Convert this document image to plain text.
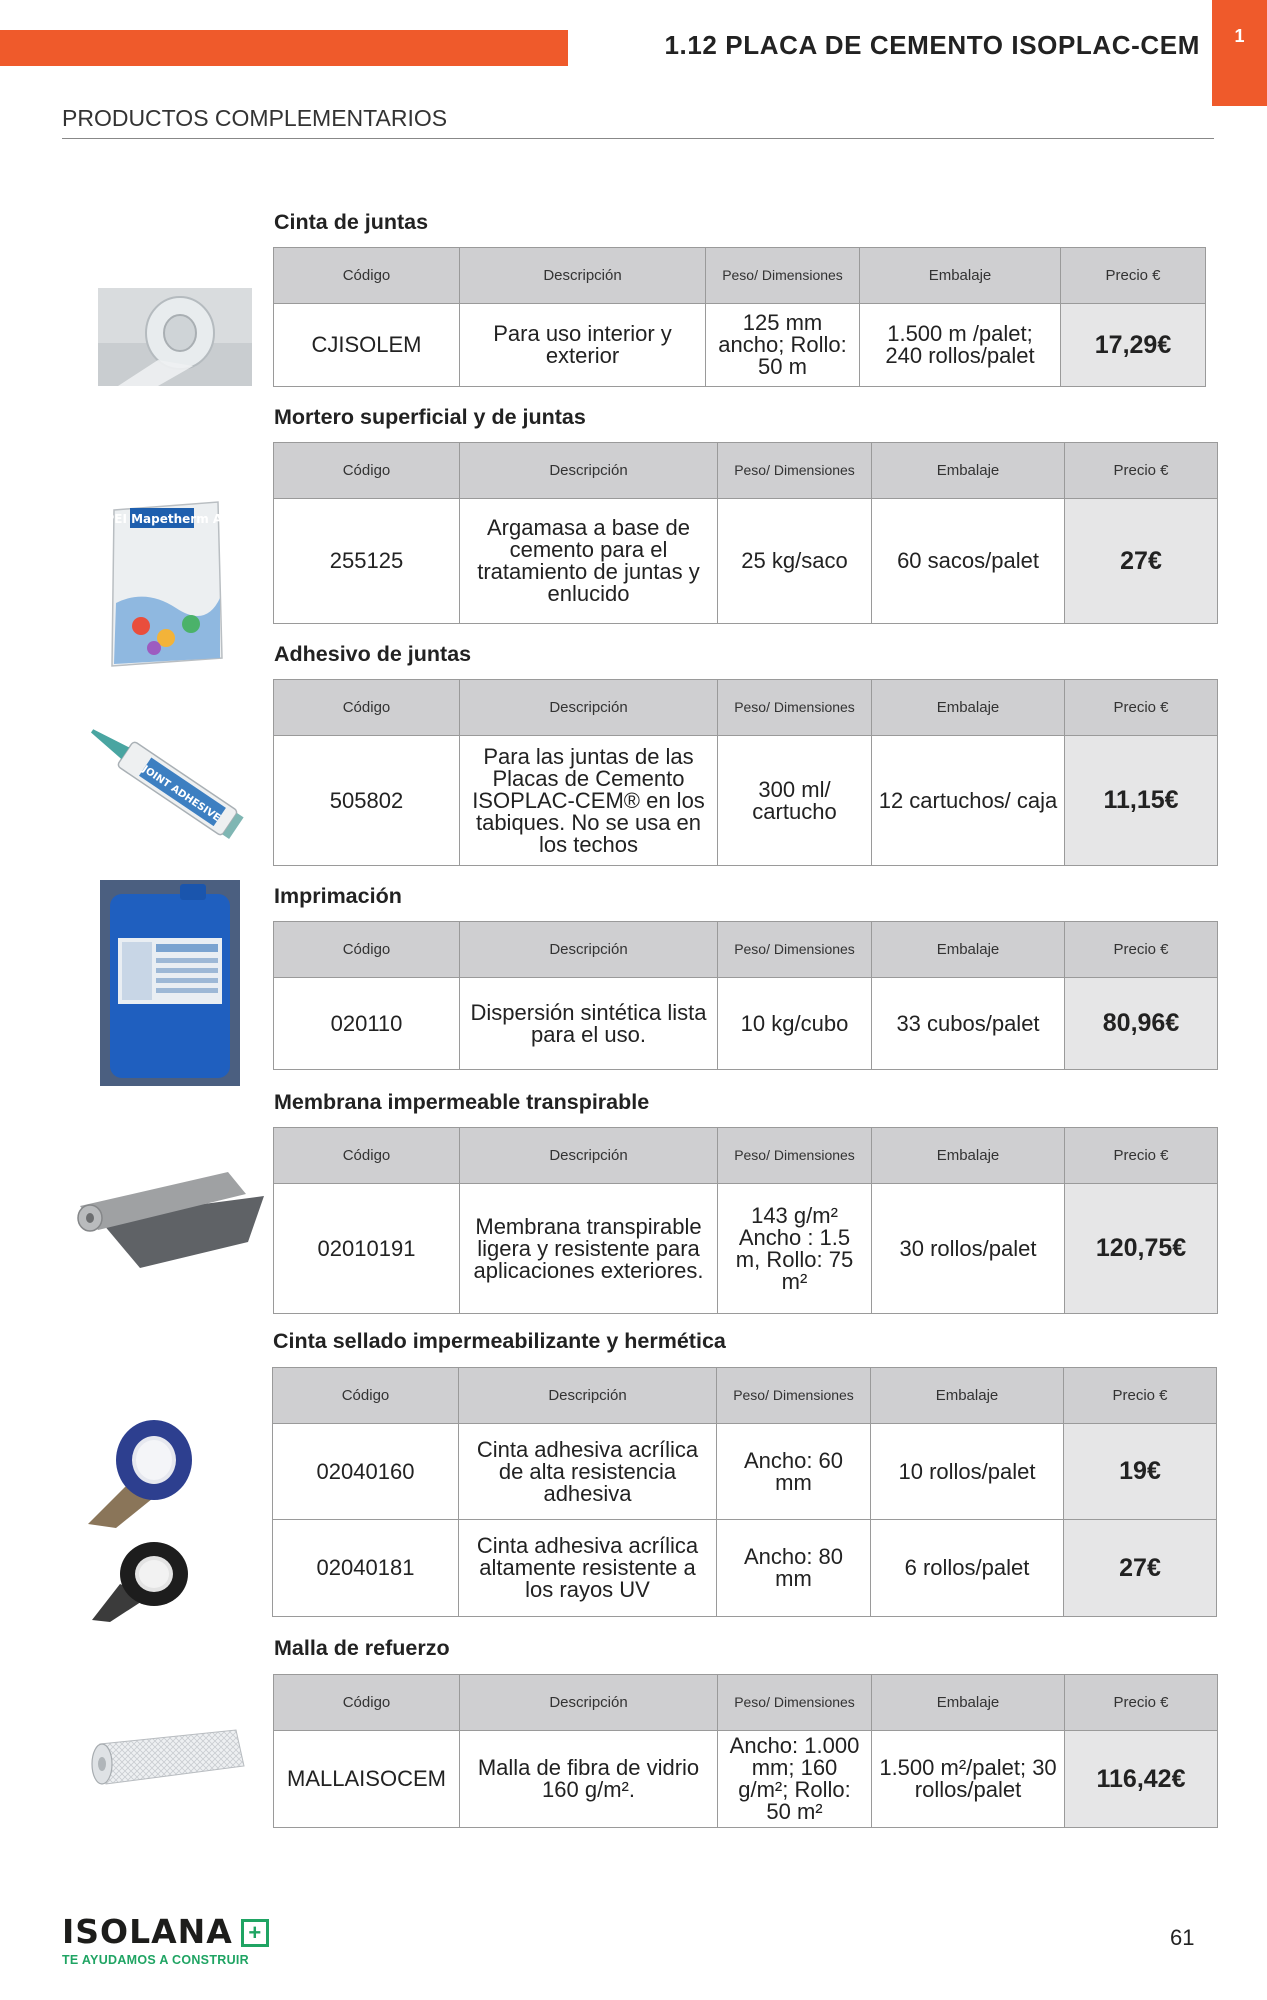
1
1.12 PLACA DE CEMENTO ISOPLAC-CEM
PRODUCTOS COMPLEMENTARIOS
Cinta de juntas
Código	Descripción	Peso/ Dimensiones	Embalaje	Precio €
CJISOLEM	Para uso interior y exterior	125 mm ancho; Rollo: 50 m	1.500 m /palet; 240 rollos/palet	17,29€
Mortero superficial y de juntas
MAPEI Mapetherm AR1
Código	Descripción	Peso/ Dimensiones	Embalaje	Precio €
255125	Argamasa a base de cemento para el tratamiento de juntas y enlucido	25 kg/saco	60 sacos/palet	27€
Adhesivo de juntas
JOINT ADHESIVE
Código	Descripción	Peso/ Dimensiones	Embalaje	Precio €
505802	Para las juntas de las Placas de Cemento ISOPLAC-CEM® en los tabiques. No se usa en los techos	300 ml/ cartucho	12 cartuchos/ caja	11,15€
Imprimación
Código	Descripción	Peso/ Dimensiones	Embalaje	Precio €
020110	Dispersión sintética lista para el uso.	10 kg/cubo	33 cubos/palet	80,96€
Membrana impermeable transpirable
Código	Descripción	Peso/ Dimensiones	Embalaje	Precio €
02010191	Membrana transpirable ligera y resistente para aplicaciones exteriores.	143 g/m² Ancho : 1.5 m, Rollo: 75 m²	30 rollos/palet	120,75€
Cinta sellado impermeabilizante y hermética
Código	Descripción	Peso/ Dimensiones	Embalaje	Precio €
02040160	Cinta adhesiva acrílica de alta resistencia adhesiva	Ancho: 60 mm	10 rollos/palet	19€
02040181	Cinta adhesiva acrílica altamente resistente a los rayos UV	Ancho: 80 mm	6 rollos/palet	27€
Malla de refuerzo
Código	Descripción	Peso/ Dimensiones	Embalaje	Precio €
MALLAISOCEM	Malla de fibra de vidrio 160 g/m².	Ancho: 1.000 mm; 160 g/m²; Rollo: 50 m²	1.500 m²/palet; 30 rollos/palet	116,42€
ISOLANA +
TE AYUDAMOS A CONSTRUIR
61
